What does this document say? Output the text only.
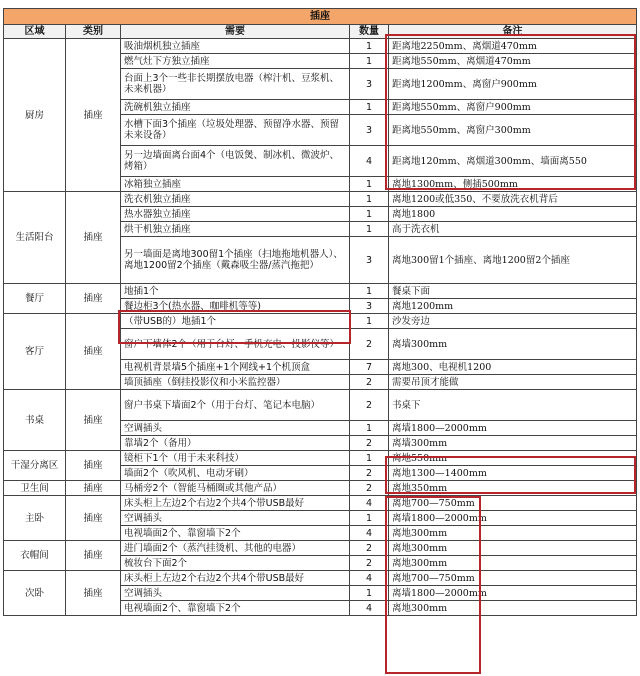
插座				
区域	类别	需要	数量	备注
厨房	插座	吸油烟机独立插座	1	距离地2250mm、离烟道470mm
		燃气灶下方独立插座	1	距离地550mm、离烟道470mm
		台面上3个一些非长期摆放电器（榨汁机、豆浆机、未来机器）	3	距离地1200mm、离窗户900mm
		洗碗机独立插座	1	距离地550mm、离窗户900mm
		水槽下面3个插座（垃圾处理器、预留净水器、预留未来设备）	3	距离地550mm、离窗户300mm
		另一边墙面离台面4个（电饭煲、制冰机、微波炉、烤箱）	4	距离地120mm、离烟道300mm、墙面离550
		冰箱独立插座	1	离地1300mm、侧插500mm
生活阳台	插座	洗衣机独立插座	1	离地1200或低350、不要放洗衣机背后
		热水器独立插座	1	离地1800
		烘干机独立插座	1	高于洗衣机
		另一墙面是离地300留1个插座（扫地拖地机器人）、离地1200留2个插座（戴森吸尘器/蒸汽拖把）	3	离地300留1个插座、离地1200留2个插座
餐厅	插座	地插1个	1	餐桌下面
		餐边柜3个(热水器、咖啡机等等)	3	离地1200mm
客厅	插座	（带USB的）地插1个	1	沙发旁边
		窗户下墙体2个（用于台灯、手机充电、投影仪等）	2	离墙300mm
		电视机背景墙5个插座+1个网线+1个机顶盒	7	离地300、电视机1200
		墙顶插座（倒挂投影仪和小米监控器）	2	需要吊顶才能做
书桌	插座	窗户书桌下墙面2个（用于台灯、笔记本电脑）	2	书桌下
		空调插头	1	离墙1800—2000mm
		靠墙2个（备用）	2	离墙300mm
干湿分离区	插座	镜柜下1个（用于未来科技）	1	离地550mm
		墙面2个（吹风机、电动牙刷）	2	离地1300—1400mm
卫生间	插座	马桶旁2个（智能马桶圈或其他产品）	2	离地350mm
主卧	插座	床头柜上左边2个右边2个共4个带USB最好	4	离地700—750mm
		空调插头	1	离墙1800—2000mm
		电视墙面2个、靠窗墙下2个	4	离地300mm
衣帽间	插座	进门墙面2个（蒸汽挂烫机、其他的电器）	2	离地300mm
		梳妆台下面2个	2	离地300mm
次卧	插座	床头柜上左边2个右边2个共4个带USB最好	4	离地700—750mm
		空调插头	1	离墙1800—2000mm
		电视墙面2个、靠窗墙下2个	4	离地300mm
